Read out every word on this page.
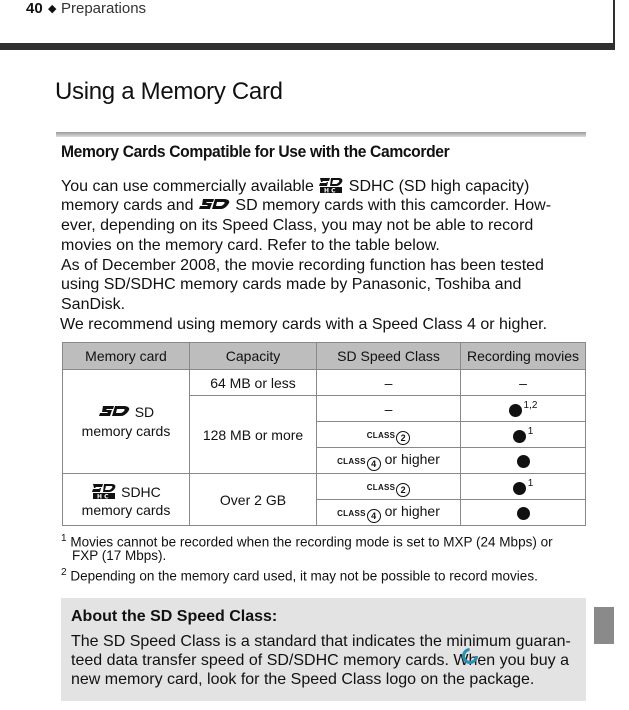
40 ◆ Preparations
Using a Memory Card
Memory Cards Compatible for Use with the Camcorder
You can use commercially available H C SDHC (SD high capacity)
memory cards and	SD memory cards with this camcorder. How-
ever, depending on its Speed Class, you may not be able to record
movies on the memory card. Refer to the table below.
As of December 2008, the movie recording function has been tested
using SD/SDHC memory cards made by Panasonic, Toshiba and
SanDisk.
We recommend using memory cards with a Speed Class 4 or higher.
Memory card	Capacity	SD Speed Class	Recording movies

SD
memory cards	64 MB or less	–	–
	128 MB or more	–	$^{1,2}$
		CLASS 2	$^1$
		CLASS 4 or higher	

H C SDHC
memory cards	Over 2 GB	CLASS 2	$^1$
		CLASS 4 or higher	
$^1$ Movies cannot be recorded when the recording mode is set to MXP (24 Mbps) or
FXP (17 Mbps).
$^2$ Depending on the memory card used, it may not be possible to record movies.
About the SD Speed Class:
The SD Speed Class is a standard that indicates the minimum guaran-
teed data transfer speed of SD/SDHC memory cards. When you buy a
new memory card, look for the Speed Class logo on the package.
